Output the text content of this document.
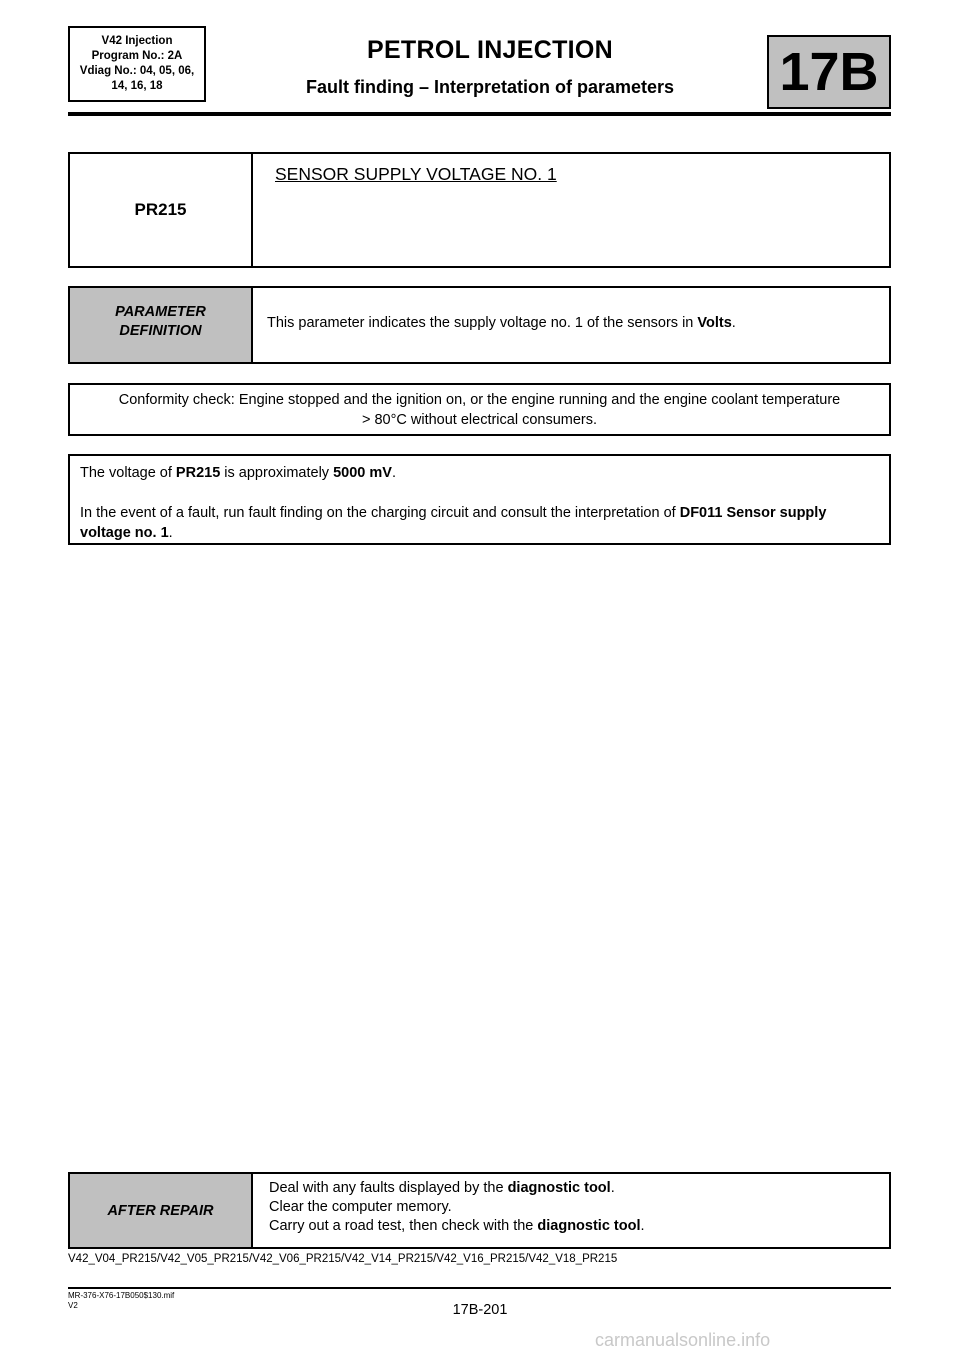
V42 Injection
Program No.: 2A
Vdiag No.: 04, 05, 06,
14, 16, 18
PETROL INJECTION
Fault finding – Interpretation of parameters	17B
PR215
SENSOR SUPPLY VOLTAGE NO. 1
PARAMETER
DEFINITION	This parameter indicates the supply voltage no. 1 of the sensors in Volts.
Conformity check: Engine stopped and the ignition on, or the engine running and the engine coolant temperature
> 80°C without electrical consumers.

The voltage of PR215 is approximately 5000 mV.

In the event of a fault, run fault finding on the charging circuit and consult the interpretation of DF011 Sensor supply voltage no. 1.

AFTER REPAIR
Deal with any faults displayed by the diagnostic tool.
Clear the computer memory.
Carry out a road test, then check with the diagnostic tool.
V42_V04_PR215/V42_V05_PR215/V42_V06_PR215/V42_V14_PR215/V42_V16_PR215/V42_V18_PR215
MR-376-X76-17B050$130.mif
V2	17B-201
carmanualsonline.info
